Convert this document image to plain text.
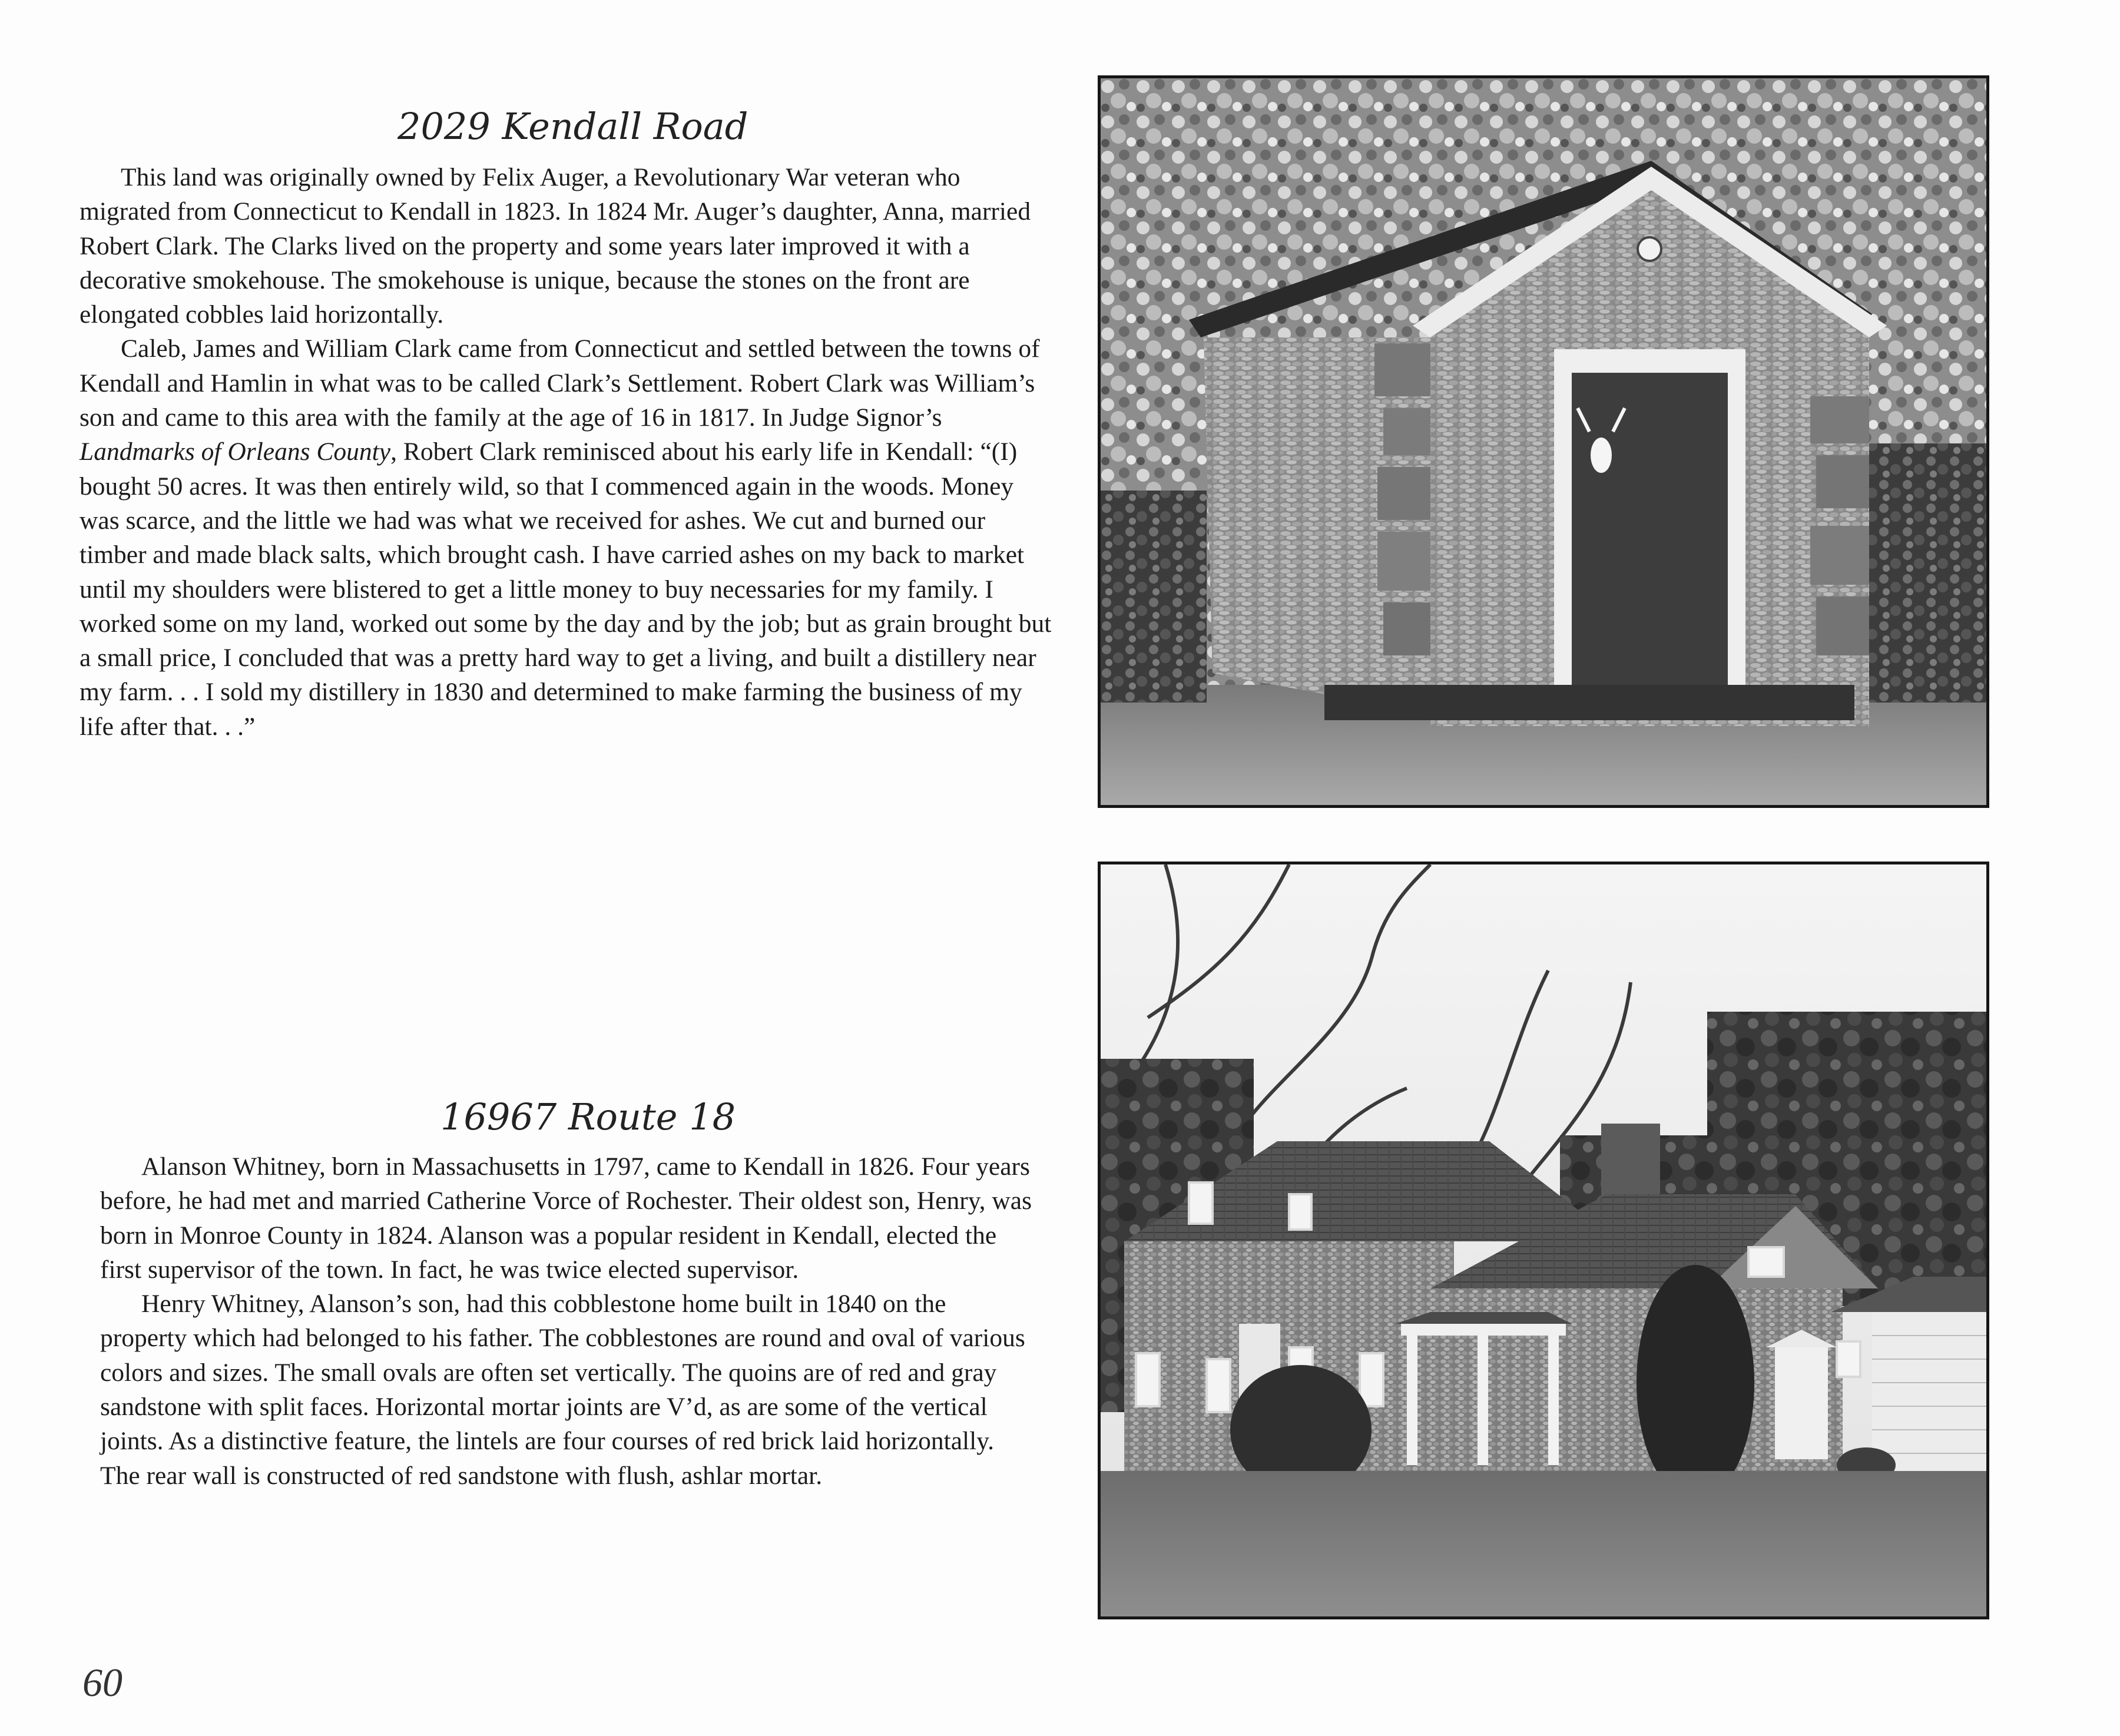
2029 Kendall Road

This land was originally owned by Felix Auger, a Revolutionary War veteran who migrated from Connecticut to Kendall in 1823. In 1824 Mr. Auger’s daughter, Anna, married Robert Clark. The Clarks lived on the property and some years later improved it with a decorative smokehouse. The smokehouse is unique, because the stones on the front are elongated cobbles laid horizontally.

Caleb, James and William Clark came from Connecticut and settled between the towns of Kendall and Hamlin in what was to be called Clark’s Settlement. Robert Clark was William’s son and came to this area with the family at the age of 16 in 1817. In Judge Signor’s Landmarks of Orleans County, Robert Clark reminisced about his early life in Kendall: “(I) bought 50 acres. It was then entirely wild, so that I commenced again in the woods. Money was scarce, and the little we had was what we received for ashes. We cut and burned our timber and made black salts, which brought cash. I have carried ashes on my back to market until my shoulders were blistered to get a little money to buy necessaries for my family. I worked some on my land, worked out some by the day and by the job; but as grain brought but a small price, I concluded that was a pretty hard way to get a living, and built a distillery near my farm. . . I sold my distillery in 1830 and determined to make farming the business of my life after that. . .”

16967 Route 18

Alanson Whitney, born in Massachusetts in 1797, came to Kendall in 1826. Four years before, he had met and married Catherine Vorce of Rochester. Their oldest son, Henry, was born in Monroe County in 1824. Alanson was a popular resident in Kendall, elected the first supervisor of the town. In fact, he was twice elected supervisor.

Henry Whitney, Alanson’s son, had this cobblestone home built in 1840 on the property which had belonged to his father. The cobblestones are round and oval of various colors and sizes. The small ovals are often set vertically. The quoins are of red and gray sandstone with split faces. Horizontal mortar joints are V’d, as are some of the vertical joints. As a distinctive feature, the lintels are four courses of red brick laid horizontally. The rear wall is constructed of red sandstone with flush, ashlar mortar.

60
